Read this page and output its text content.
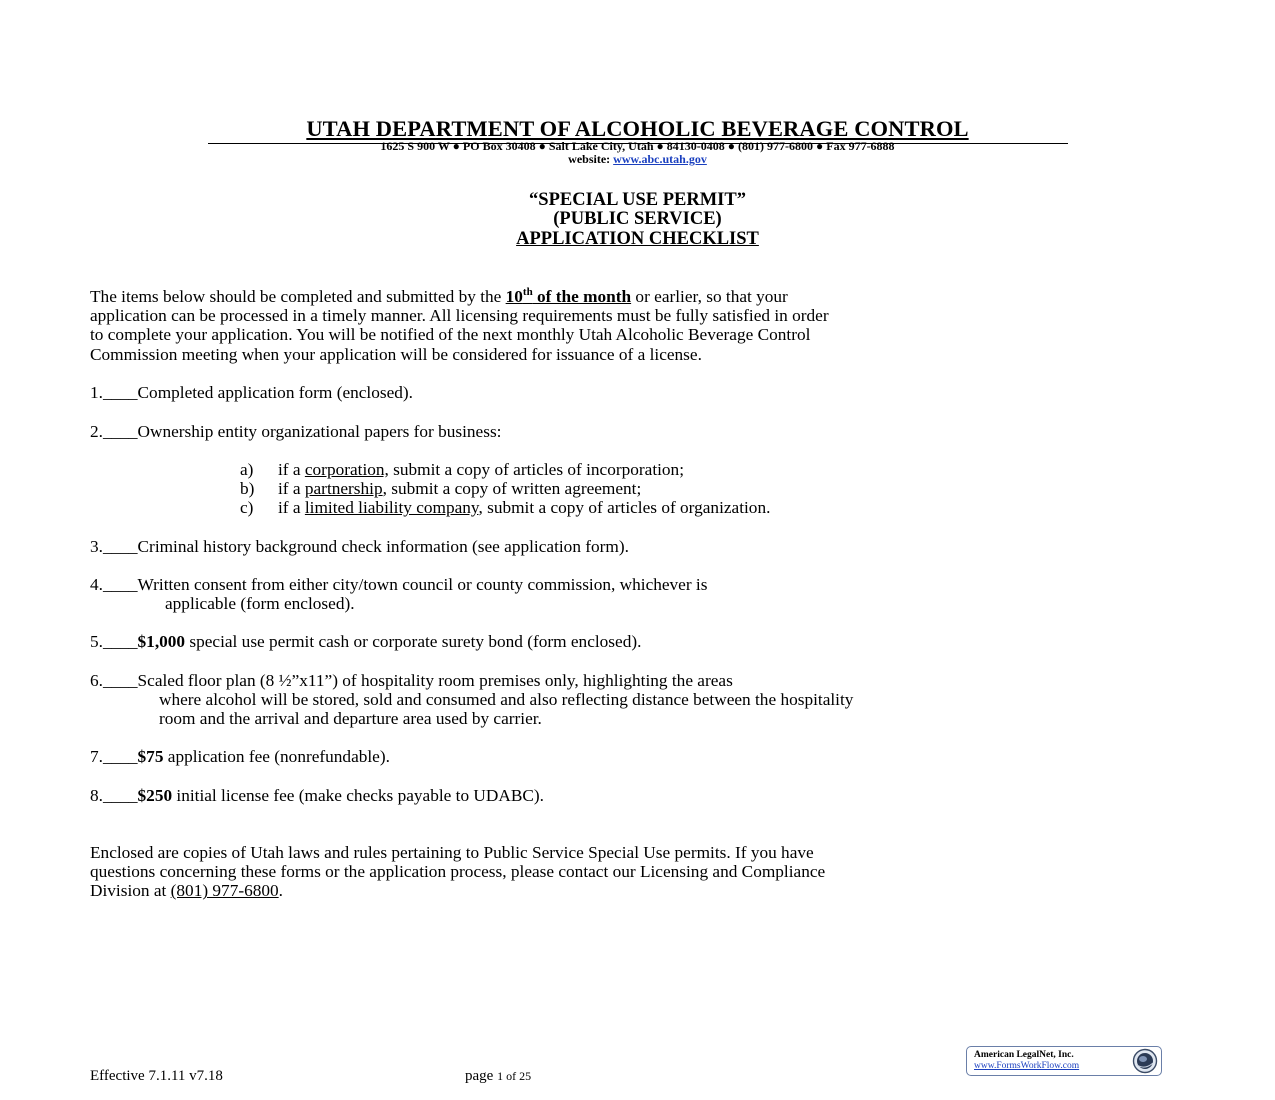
UTAH DEPARTMENT OF ALCOHOLIC BEVERAGE CONTROL
1625 S 900 W ● PO Box 30408 ● Salt Lake City, Utah ● 84130-0408 ● (801) 977-6800 ● Fax 977-6888
website: www.abc.utah.gov
“SPECIAL USE PERMIT”
(PUBLIC SERVICE)
APPLICATION CHECKLIST
The items below should be completed and submitted by the 10th of the month or earlier, so that your
application can be processed in a timely manner. All licensing requirements must be fully satisfied in order
to complete your application. You will be notified of the next monthly Utah Alcoholic Beverage Control
Commission meeting when your application will be considered for issuance of a license.
1.____Completed application form (enclosed).
2.____Ownership entity organizational papers for business:
a) if a corporation, submit a copy of articles of incorporation;
b) if a partnership, submit a copy of written agreement;
c) if a limited liability company, submit a copy of articles of organization.
3.____Criminal history background check information (see application form).
4.____Written consent from either city/town council or county commission, whichever is
applicable (form enclosed).
5.____$1,000 special use permit cash or corporate surety bond (form enclosed).
6.____Scaled floor plan (8 ½”x11”) of hospitality room premises only, highlighting the areas
where alcohol will be stored, sold and consumed and also reflecting distance between the hospitality
room and the arrival and departure area used by carrier.
7.____$75 application fee (nonrefundable).
8.____$250 initial license fee (make checks payable to UDABC).
Enclosed are copies of Utah laws and rules pertaining to Public Service Special Use permits. If you have
questions concerning these forms or the application process, please contact our Licensing and Compliance
Division at (801) 977-6800.
Effective 7.1.11 v7.18	page 1 of 25
American LegalNet, Inc.
www.FormsWorkFlow.com
